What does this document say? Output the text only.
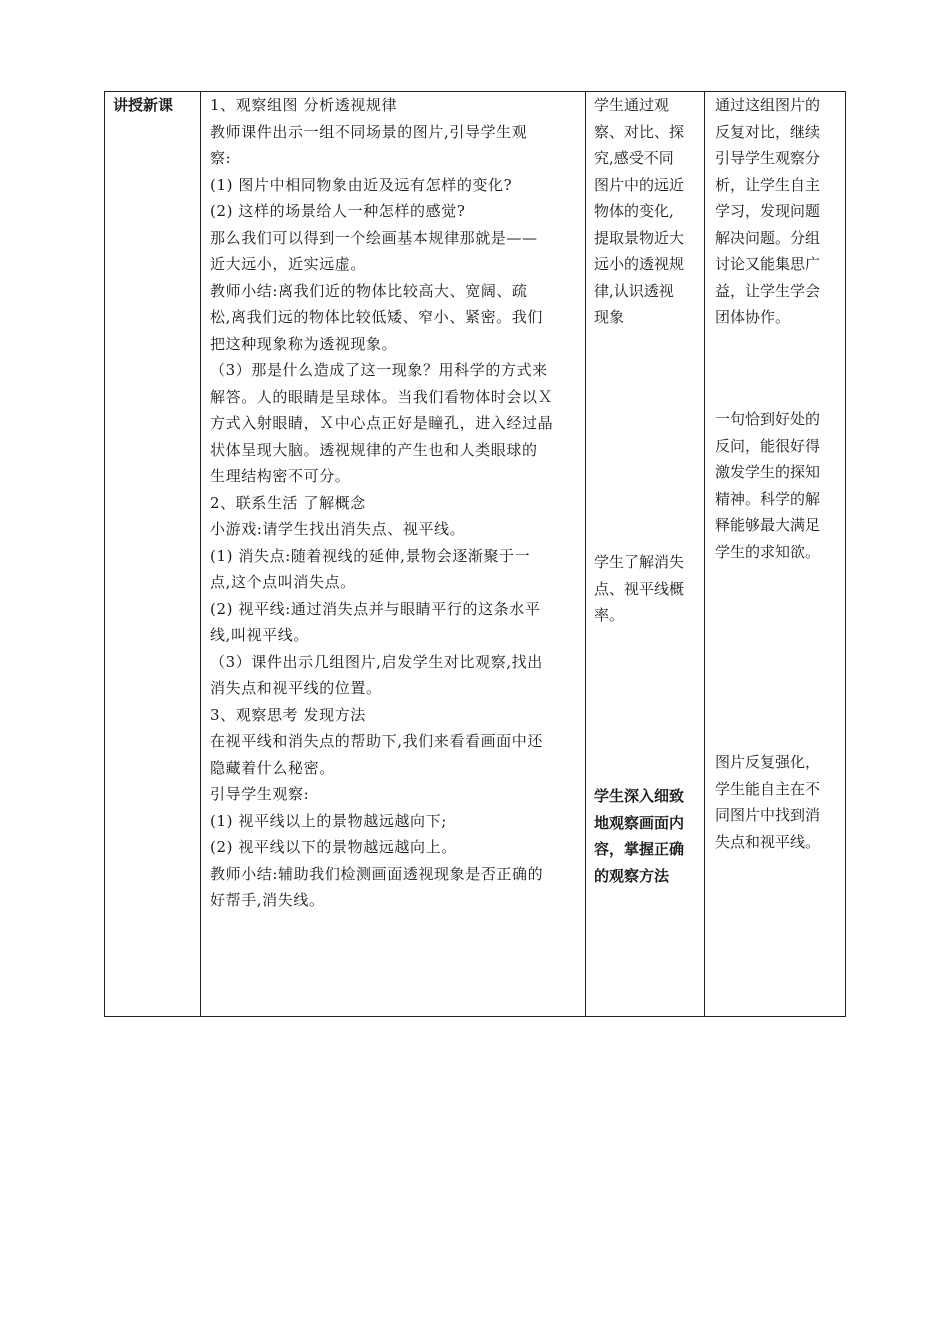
讲授新课 1、观察组图 分析透视规律
教师课件出示一组不同场景的图片,引导学生观
察:
(1) 图片中相同物象由近及远有怎样的变化?
(2) 这样的场景给人一种怎样的感觉?
那么我们可以得到一个绘画基本规律那就是——
近大远小，近实远虚。
教师小结:离我们近的物体比较高大、宽阔、疏
松,离我们远的物体比较低矮、窄小、紧密。我们
把这种现象称为透视现象。
（3）那是什么造成了这一现象？用科学的方式来
解答。人的眼睛是呈球体。当我们看物体时会以Ｘ
方式入射眼睛，Ｘ中心点正好是瞳孔，进入经过晶
状体呈现大脑。透视规律的产生也和人类眼球的
生理结构密不可分。
2、联系生活 了解概念
小游戏:请学生找出消失点、视平线。
(1) 消失点:随着视线的延伸,景物会逐渐聚于一
点,这个点叫消失点。
(2) 视平线:通过消失点并与眼睛平行的这条水平
线,叫视平线。
（3）课件出示几组图片,启发学生对比观察,找出
消失点和视平线的位置。
3、观察思考 发现方法
在视平线和消失点的帮助下,我们来看看画面中还
隐藏着什么秘密。
引导学生观察:
(1) 视平线以上的景物越远越向下;
(2) 视平线以下的景物越远越向上。
教师小结:辅助我们检测画面透视现象是否正确的
好帮手,消失线。
学生通过观
察、对比、探
究,感受不同
图片中的远近
物体的变化,
提取景物近大
远小的透视规
律,认识透视
现象
学生了解消失
点、视平线概
率。
学生深入细致
地观察画面内
容，掌握正确
的观察方法
通过这组图片的
反复对比，继续
引导学生观察分
析，让学生自主
学习，发现问题
解决问题。分组
讨论又能集思广
益，让学生学会
团体协作。
一句恰到好处的
反问，能很好得
激发学生的探知
精神。科学的解
释能够最大满足
学生的求知欲。
图片反复强化，
学生能自主在不
同图片中找到消
失点和视平线。
